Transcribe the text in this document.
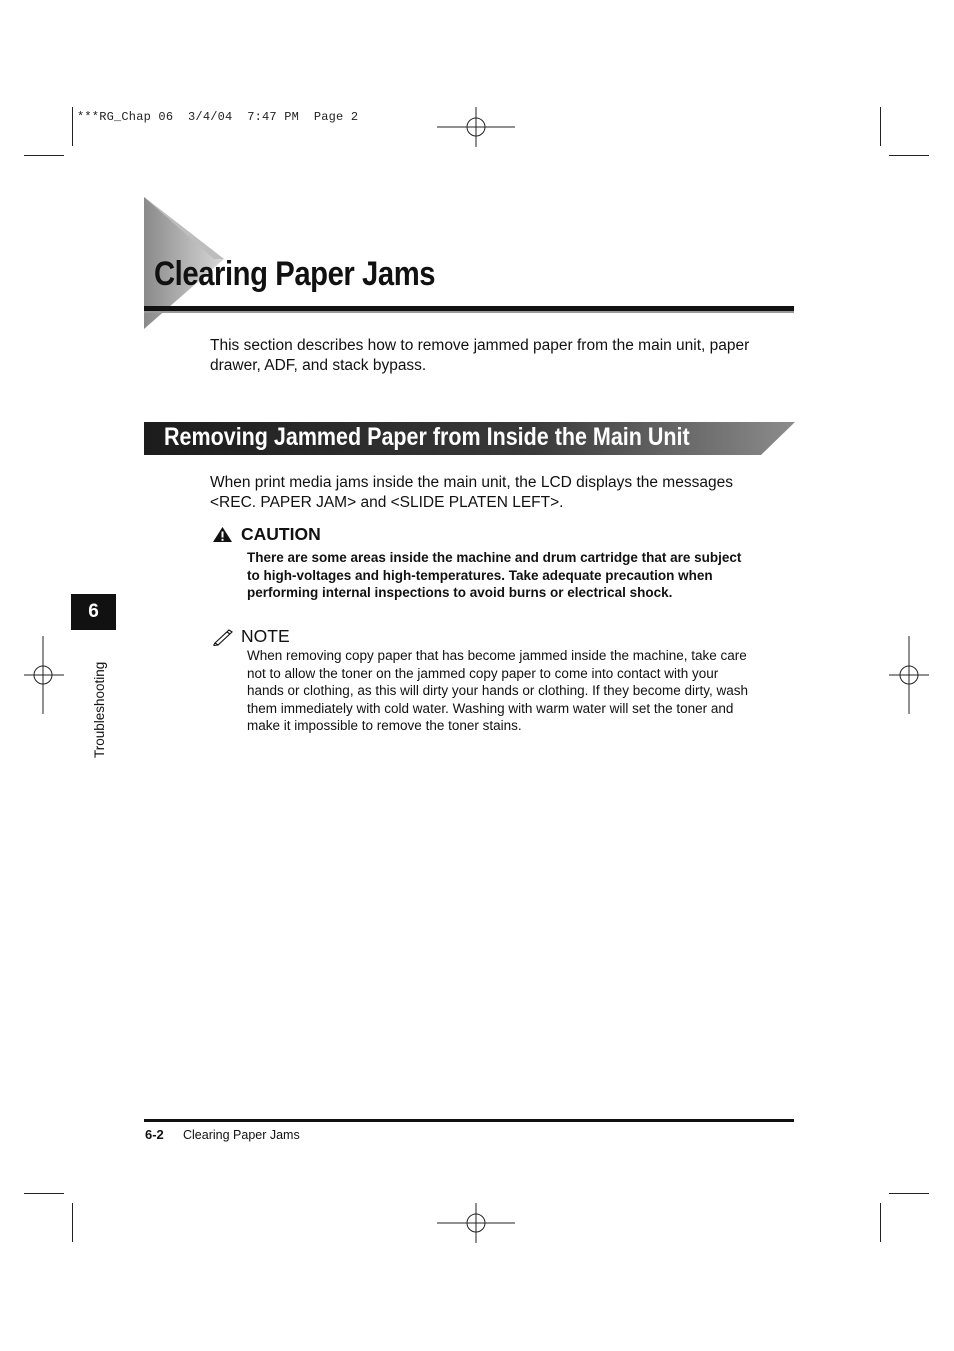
***RG_Chap 06  3/4/04  7:47 PM  Page 2
Clearing Paper Jams

This section describes how to remove jammed paper from the main unit, paper drawer, ADF, and stack bypass.

Removing Jammed Paper from Inside the Main Unit
When print media jams inside the main unit, the LCD displays the messages
<REC. PAPER JAM> and <SLIDE PLATEN LEFT>.
CAUTION
There are some areas inside the machine and drum cartridge that are subject
to high-voltages and high-temperatures. Take adequate precaution when
performing internal inspections to avoid burns or electrical shock.
NOTE
When removing copy paper that has become jammed inside the machine, take care
not to allow the toner on the jammed copy paper to come into contact with your
hands or clothing, as this will dirty your hands or clothing. If they become dirty, wash
them immediately with cold water. Washing with warm water will set the toner and
make it impossible to remove the toner stains.
6
Troubleshooting
6-2 Clearing Paper Jams
